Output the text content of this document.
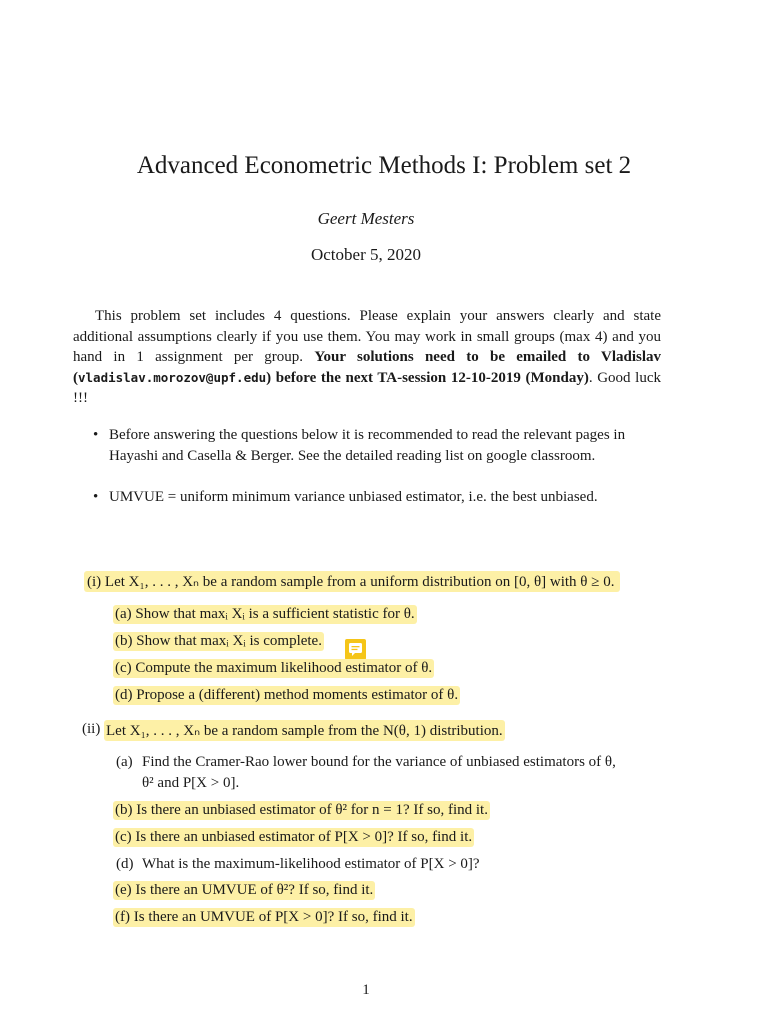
Advanced Econometric Methods I: Problem set 2
Geert Mesters
October 5, 2020

This problem set includes 4 questions. Please explain your answers clearly and state additional assumptions clearly if you use them. You may work in small groups (max 4) and you hand in 1 assignment per group. Your solutions need to be emailed to Vladislav (vladislav.morozov@upf.edu) before the next TA-session 12-10-2019 (Monday). Good luck !!!

• Before answering the questions below it is recommended to read the relevant pages in Hayashi and Casella & Berger. See the detailed reading list on google classroom.
• UMVUE = uniform minimum variance unbiased estimator, i.e. the best unbiased.
(i) Let X₁, . . . , Xₙ be a random sample from a uniform distribution on [0, θ] with θ ≥ 0.
(a) Show that maxᵢ Xᵢ is a sufficient statistic for θ.
(b) Show that maxᵢ Xᵢ is complete.
(c) Compute the maximum likelihood estimator of θ.
(d) Propose a (different) method moments estimator of θ.
(ii) Let X₁, . . . , Xₙ be a random sample from the N(θ, 1) distribution.
(a) Find the Cramer-Rao lower bound for the variance of unbiased estimators of θ,
θ² and P[X > 0].
(b) Is there an unbiased estimator of θ² for n = 1? If so, find it.
(c) Is there an unbiased estimator of P[X > 0]? If so, find it.
(d) What is the maximum-likelihood estimator of P[X > 0]?
(e) Is there an UMVUE of θ²? If so, find it.
(f) Is there an UMVUE of P[X > 0]? If so, find it.
1
